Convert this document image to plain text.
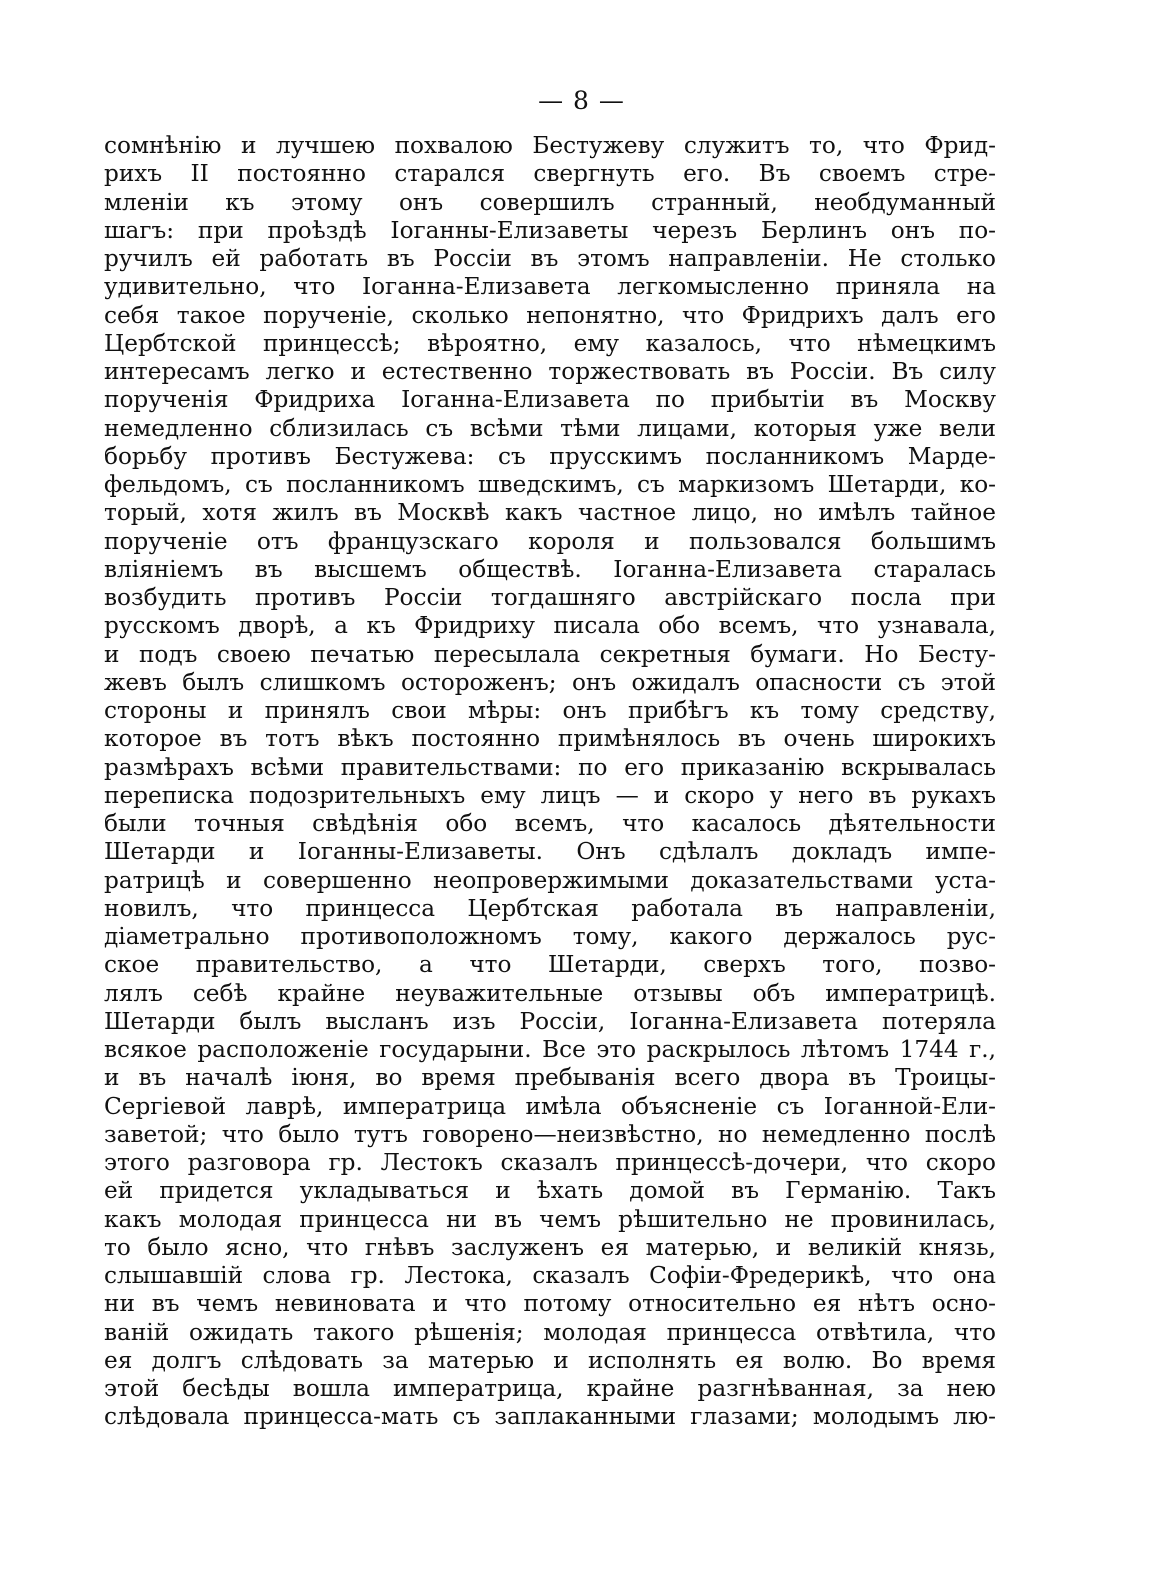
— 8 —
сомнѣнію и лучшею похвалою Бестужеву служитъ то, что Фрид-
рихъ II постоянно старался свергнуть его. Въ своемъ стре-
мленіи къ этому онъ совершилъ странный, необдуманный
шагъ: при проѣздѣ Іоганны-Елизаветы черезъ Берлинъ онъ по-
ручилъ ей работать въ Россіи въ этомъ направленіи. Не столько
удивительно, что Іоганна-Елизавета легкомысленно приняла на
себя такое порученіе, сколько непонятно, что Фридрихъ далъ его
Цербтской принцессѣ; вѣроятно, ему казалось, что нѣмецкимъ
интересамъ легко и естественно торжествовать въ Россіи. Въ силу
порученія Фридриха Іоганна-Елизавета по прибытіи въ Москву
немедленно сблизилась съ всѣми тѣми лицами, которыя уже вели
борьбу противъ Бестужева: съ прусскимъ посланникомъ Марде-
фельдомъ, съ посланникомъ шведскимъ, съ маркизомъ Шетарди, ко-
торый, хотя жилъ въ Москвѣ какъ частное лицо, но имѣлъ тайное
порученіе отъ французскаго короля и пользовался большимъ
вліяніемъ въ высшемъ обществѣ. Іоганна-Елизавета старалась
возбудить противъ Россіи тогдашняго австрійскаго посла при
русскомъ дворѣ, а къ Фридриху писала обо всемъ, что узнавала,
и подъ своею печатью пересылала секретныя бумаги. Но Бесту-
жевъ былъ слишкомъ остороженъ; онъ ожидалъ опасности съ этой
стороны и принялъ свои мѣры: онъ прибѣгъ къ тому средству,
которое въ тотъ вѣкъ постоянно примѣнялось въ очень широкихъ
размѣрахъ всѣми правительствами: по его приказанію вскрывалась
переписка подозрительныхъ ему лицъ — и скоро у него въ рукахъ
были точныя свѣдѣнія обо всемъ, что касалось дѣятельности
Шетарди и Іоганны-Елизаветы. Онъ сдѣлалъ докладъ импе-
ратрицѣ и совершенно неопровержимыми доказательствами уста-
новилъ, что принцесса Цербтская работала въ направленіи,
діаметрально противоположномъ тому, какого держалось рус-
ское правительство, а что Шетарди, сверхъ того, позво-
лялъ себѣ крайне неуважительные отзывы объ императрицѣ.
Шетарди былъ высланъ изъ Россіи, Іоганна-Елизавета потеряла
всякое расположеніе государыни. Все это раскрылось лѣтомъ 1744 г.,
и въ началѣ іюня, во время пребыванія всего двора въ Троицы-
Сергіевой лаврѣ, императрица имѣла объясненіе съ Іоганной-Eли-
заветой; что было тутъ говорено—неизвѣстно, но немедленно послѣ
этого разговора гр. Лестокъ сказалъ принцессѣ-дочери, что скоро
ей придется укладываться и ѣхать домой въ Германію. Такъ
какъ молодая принцесса ни въ чемъ рѣшительно не провинилась,
то было ясно, что гнѣвъ заслуженъ ея матерью, и великій князь,
слышавшій слова гр. Лестока, сказалъ Софіи-Фредерикѣ, что она
ни въ чемъ невиновата и что потому относительно ея нѣтъ осно-
ваній ожидать такого рѣшенія; молодая принцесса отвѣтила, что
ея долгъ слѣдовать за матерью и исполнять ея волю. Во время
этой бесѣды вошла императрица, крайне разгнѣванная, за нею
слѣдовала принцесса-мать съ заплаканными глазами; молодымъ лю-
